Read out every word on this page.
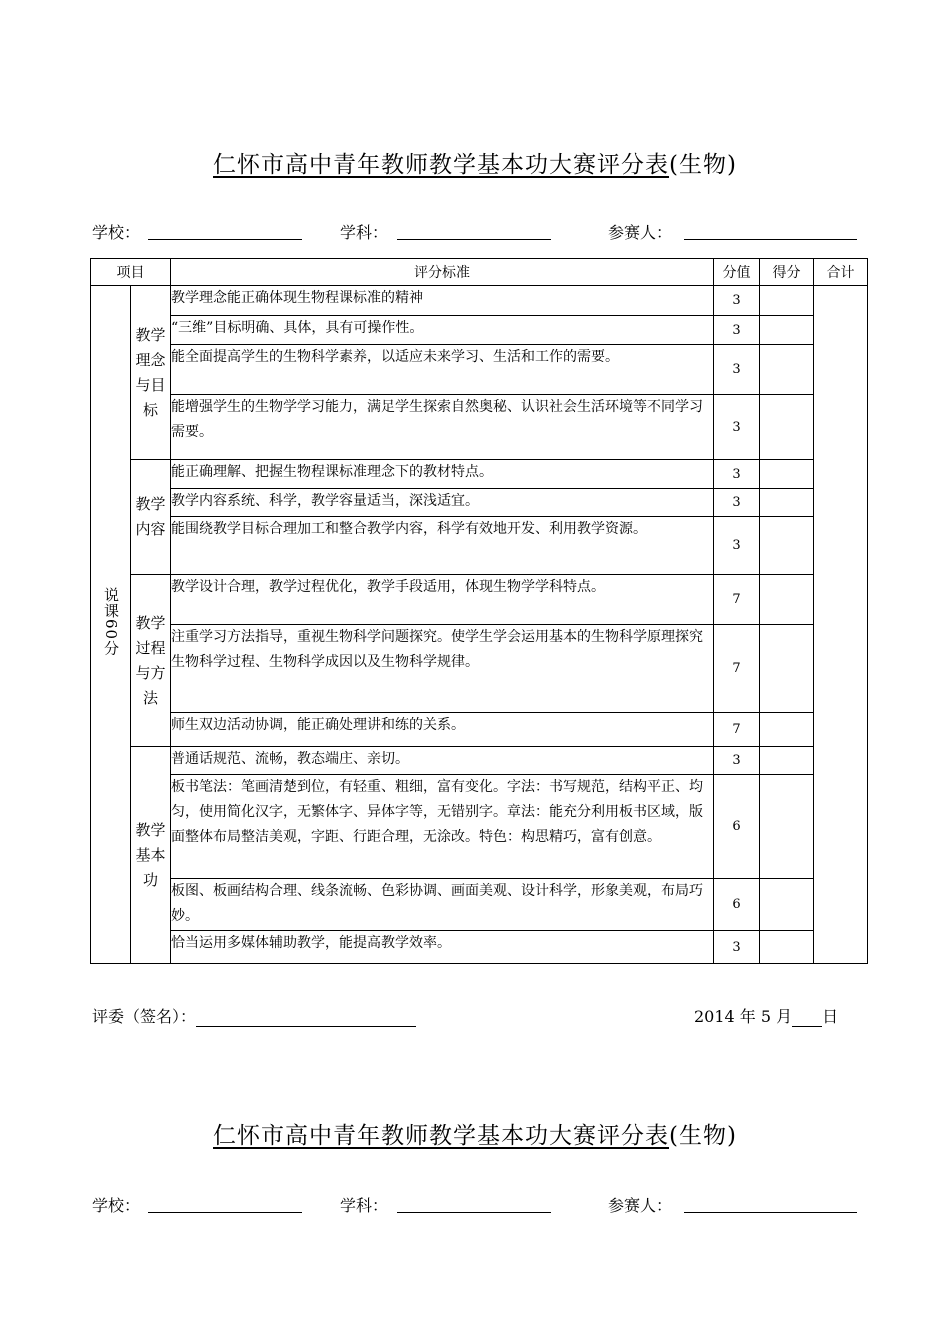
仁怀市高中青年教师教学基本功大赛评分表(生物)
学校：	学科：	参赛人：
项目		评分标准	分值	得分	合计
说课60分	教学理念与目标	教学理念能正确体现生物程课标准的精神	3		
		“三维”目标明确、具体，具有可操作性。	3		
		能全面提高学生的生物科学素养，以适应未来学习、生活和工作的需要。	3		
		能增强学生的生物学学习能力，满足学生探索自然奥秘、认识社会生活环境等不同学习需要。	3		
	教学内容	能正确理解、把握生物程课标准理念下的教材特点。	3		
		教学内容系统、科学，教学容量适当，深浅适宜。	3		
		能围绕教学目标合理加工和整合教学内容，科学有效地开发、利用教学资源。	3		
	教学过程与方法	教学设计合理，教学过程优化，教学手段适用，体现生物学学科特点。	7		
		注重学习方法指导，重视生物科学问题探究。使学生学会运用基本的生物科学原理探究生物科学过程、生物科学成因以及生物科学规律。	7		
		师生双边活动协调，能正确处理讲和练的关系。	7		
	教学基本功	普通话规范、流畅，教态端庄、亲切。	3		
		板书笔法：笔画清楚到位，有轻重、粗细，富有变化。字法：书写规范，结构平正、均匀，使用简化汉字，无繁体字、异体字等，无错别字。章法：能充分利用板书区域，版面整体布局整洁美观，字距、行距合理，无涂改。特色：构思精巧，富有创意。	6		
		板图、板画结构合理、线条流畅、色彩协调、画面美观、设计科学，形象美观，布局巧妙。	6		
		恰当运用多媒体辅助教学，能提高教学效率。	3		
评委（签名）：	2014 年 5 月 日
仁怀市高中青年教师教学基本功大赛评分表(生物)
学校：	学科：	参赛人：
